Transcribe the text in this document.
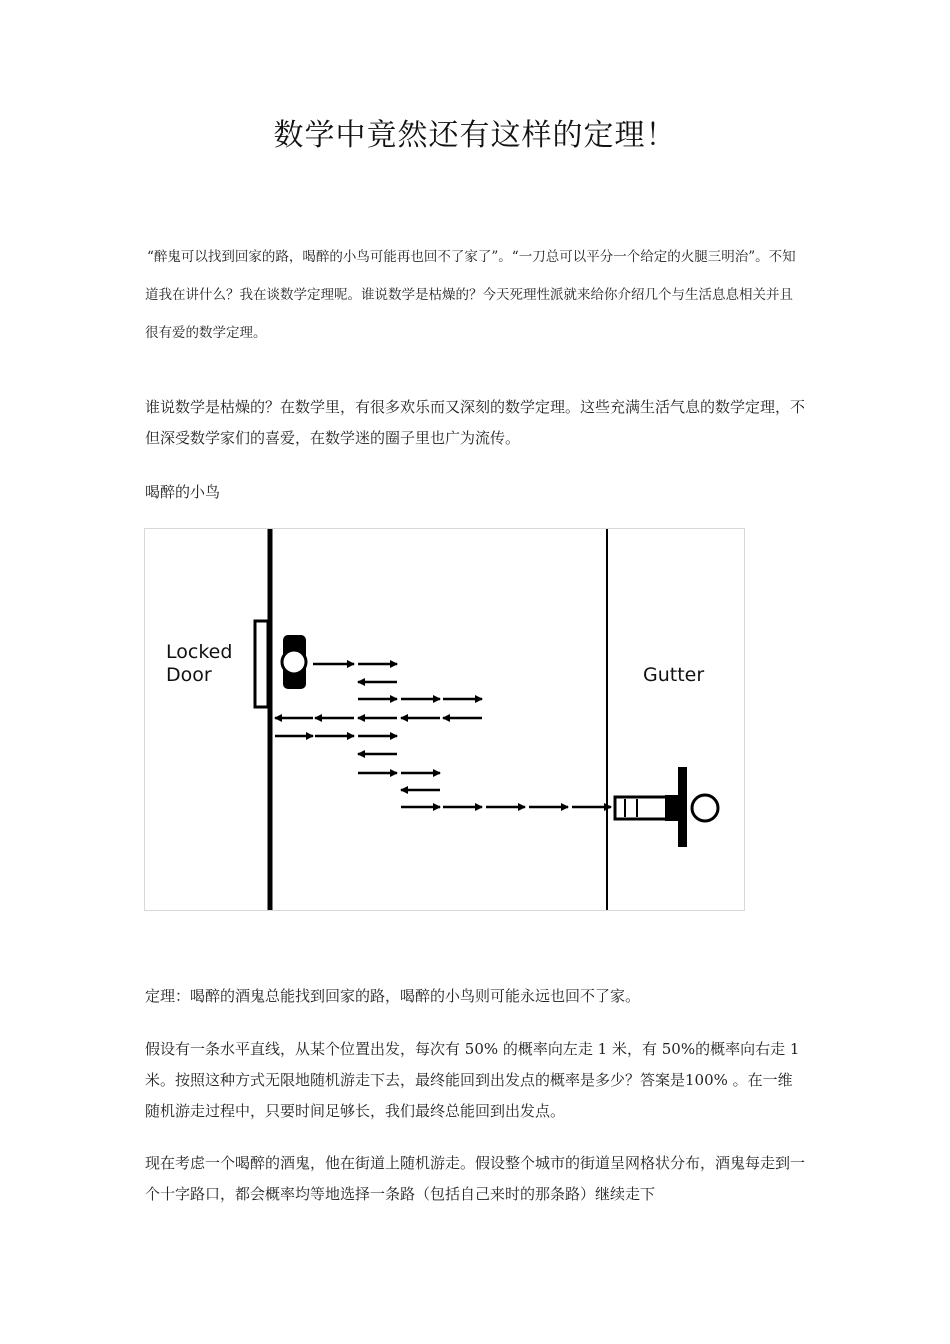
数学中竟然还有这样的定理！

“醉鬼可以找到回家的路，喝醉的小鸟可能再也回不了家了”。“一刀总可以平分一个给定的火腿三明治”。不知道我在讲什么？我在谈数学定理呢。谁说数学是枯燥的？今天死理性派就来给你介绍几个与生活息息相关并且很有爱的数学定理。

谁说数学是枯燥的？在数学里，有很多欢乐而又深刻的数学定理。这些充满生活气息的数学定理，不但深受数学家们的喜爱，在数学迷的圈子里也广为流传。

喝醉的小鸟
Locked
Door	Gutter

定理：喝醉的酒鬼总能找到回家的路，喝醉的小鸟则可能永远也回不了家。

假设有一条水平直线，从某个位置出发，每次有 50% 的概率向左走 1 米，有 50%的概率向右走 1 米。按照这种方式无限地随机游走下去，最终能回到出发点的概率是多少？答案是100% 。在一维随机游走过程中，只要时间足够长，我们最终总能回到出发点。

现在考虑一个喝醉的酒鬼，他在街道上随机游走。假设整个城市的街道呈网格状分布，酒鬼每走到一个十字路口，都会概率均等地选择一条路（包括自己来时的那条路）继续走下
